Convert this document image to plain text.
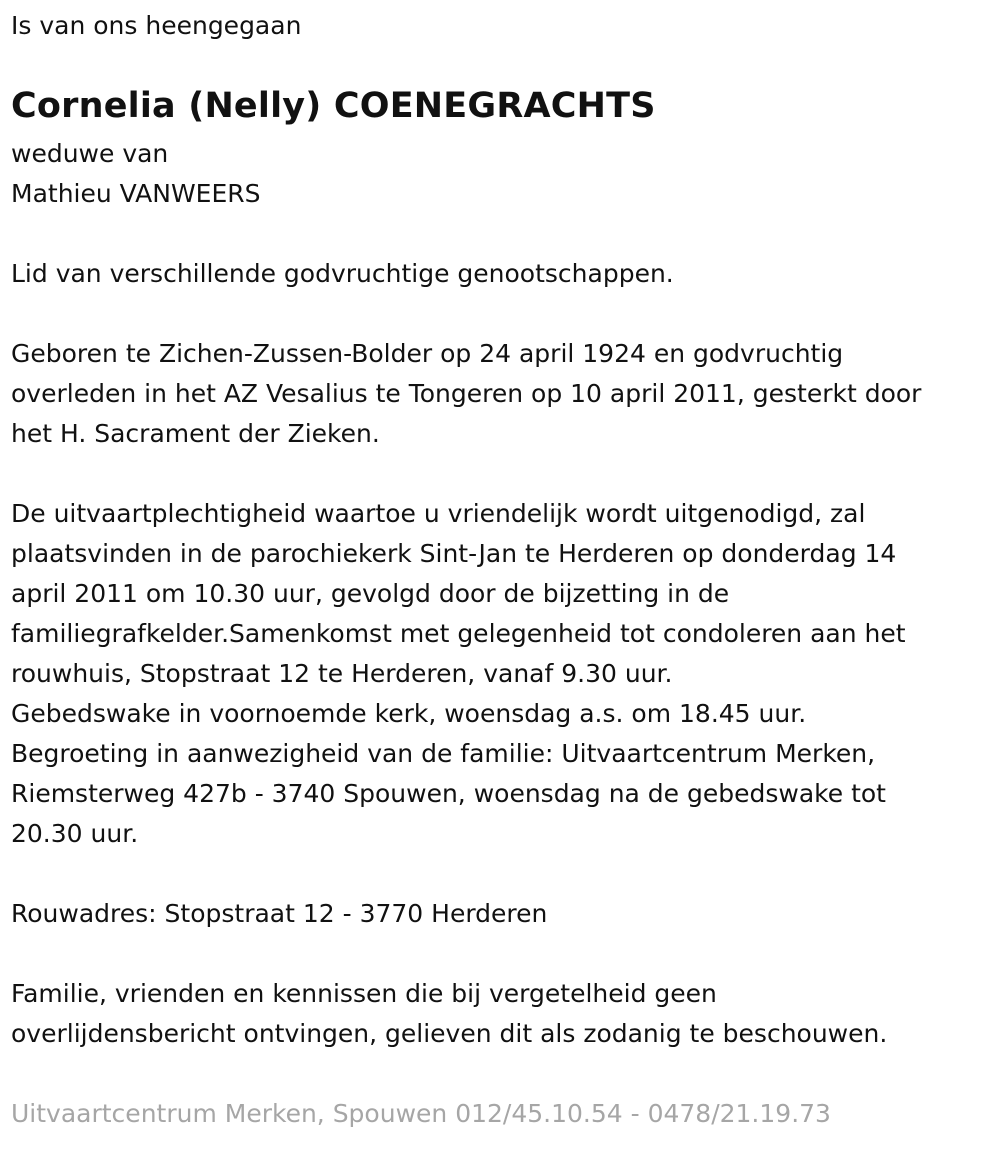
Is van ons heengegaan

Cornelia (Nelly) COENEGRACHTS

weduwe van

Mathieu VANWEERS

Lid van verschillende godvruchtige genootschappen.

Geboren te Zichen-Zussen-Bolder op 24 april 1924 en godvruchtig

overleden in het AZ Vesalius te Tongeren op 10 april 2011, gesterkt door

het H. Sacrament der Zieken.

De uitvaartplechtigheid waartoe u vriendelijk wordt uitgenodigd, zal

plaatsvinden in de parochiekerk Sint-Jan te Herderen op donderdag 14

april 2011 om 10.30 uur, gevolgd door de bijzetting in de

familiegrafkelder.Samenkomst met gelegenheid tot condoleren aan het

rouwhuis, Stopstraat 12 te Herderen, vanaf 9.30 uur.

Gebedswake in voornoemde kerk, woensdag a.s. om 18.45 uur.

Begroeting in aanwezigheid van de familie: Uitvaartcentrum Merken,

Riemsterweg 427b - 3740 Spouwen, woensdag na de gebedswake tot

20.30 uur.

Rouwadres: Stopstraat 12 - 3770 Herderen

Familie, vrienden en kennissen die bij vergetelheid geen

overlijdensbericht ontvingen, gelieven dit als zodanig te beschouwen.

Uitvaartcentrum Merken, Spouwen 012/45.10.54 - 0478/21.19.73
